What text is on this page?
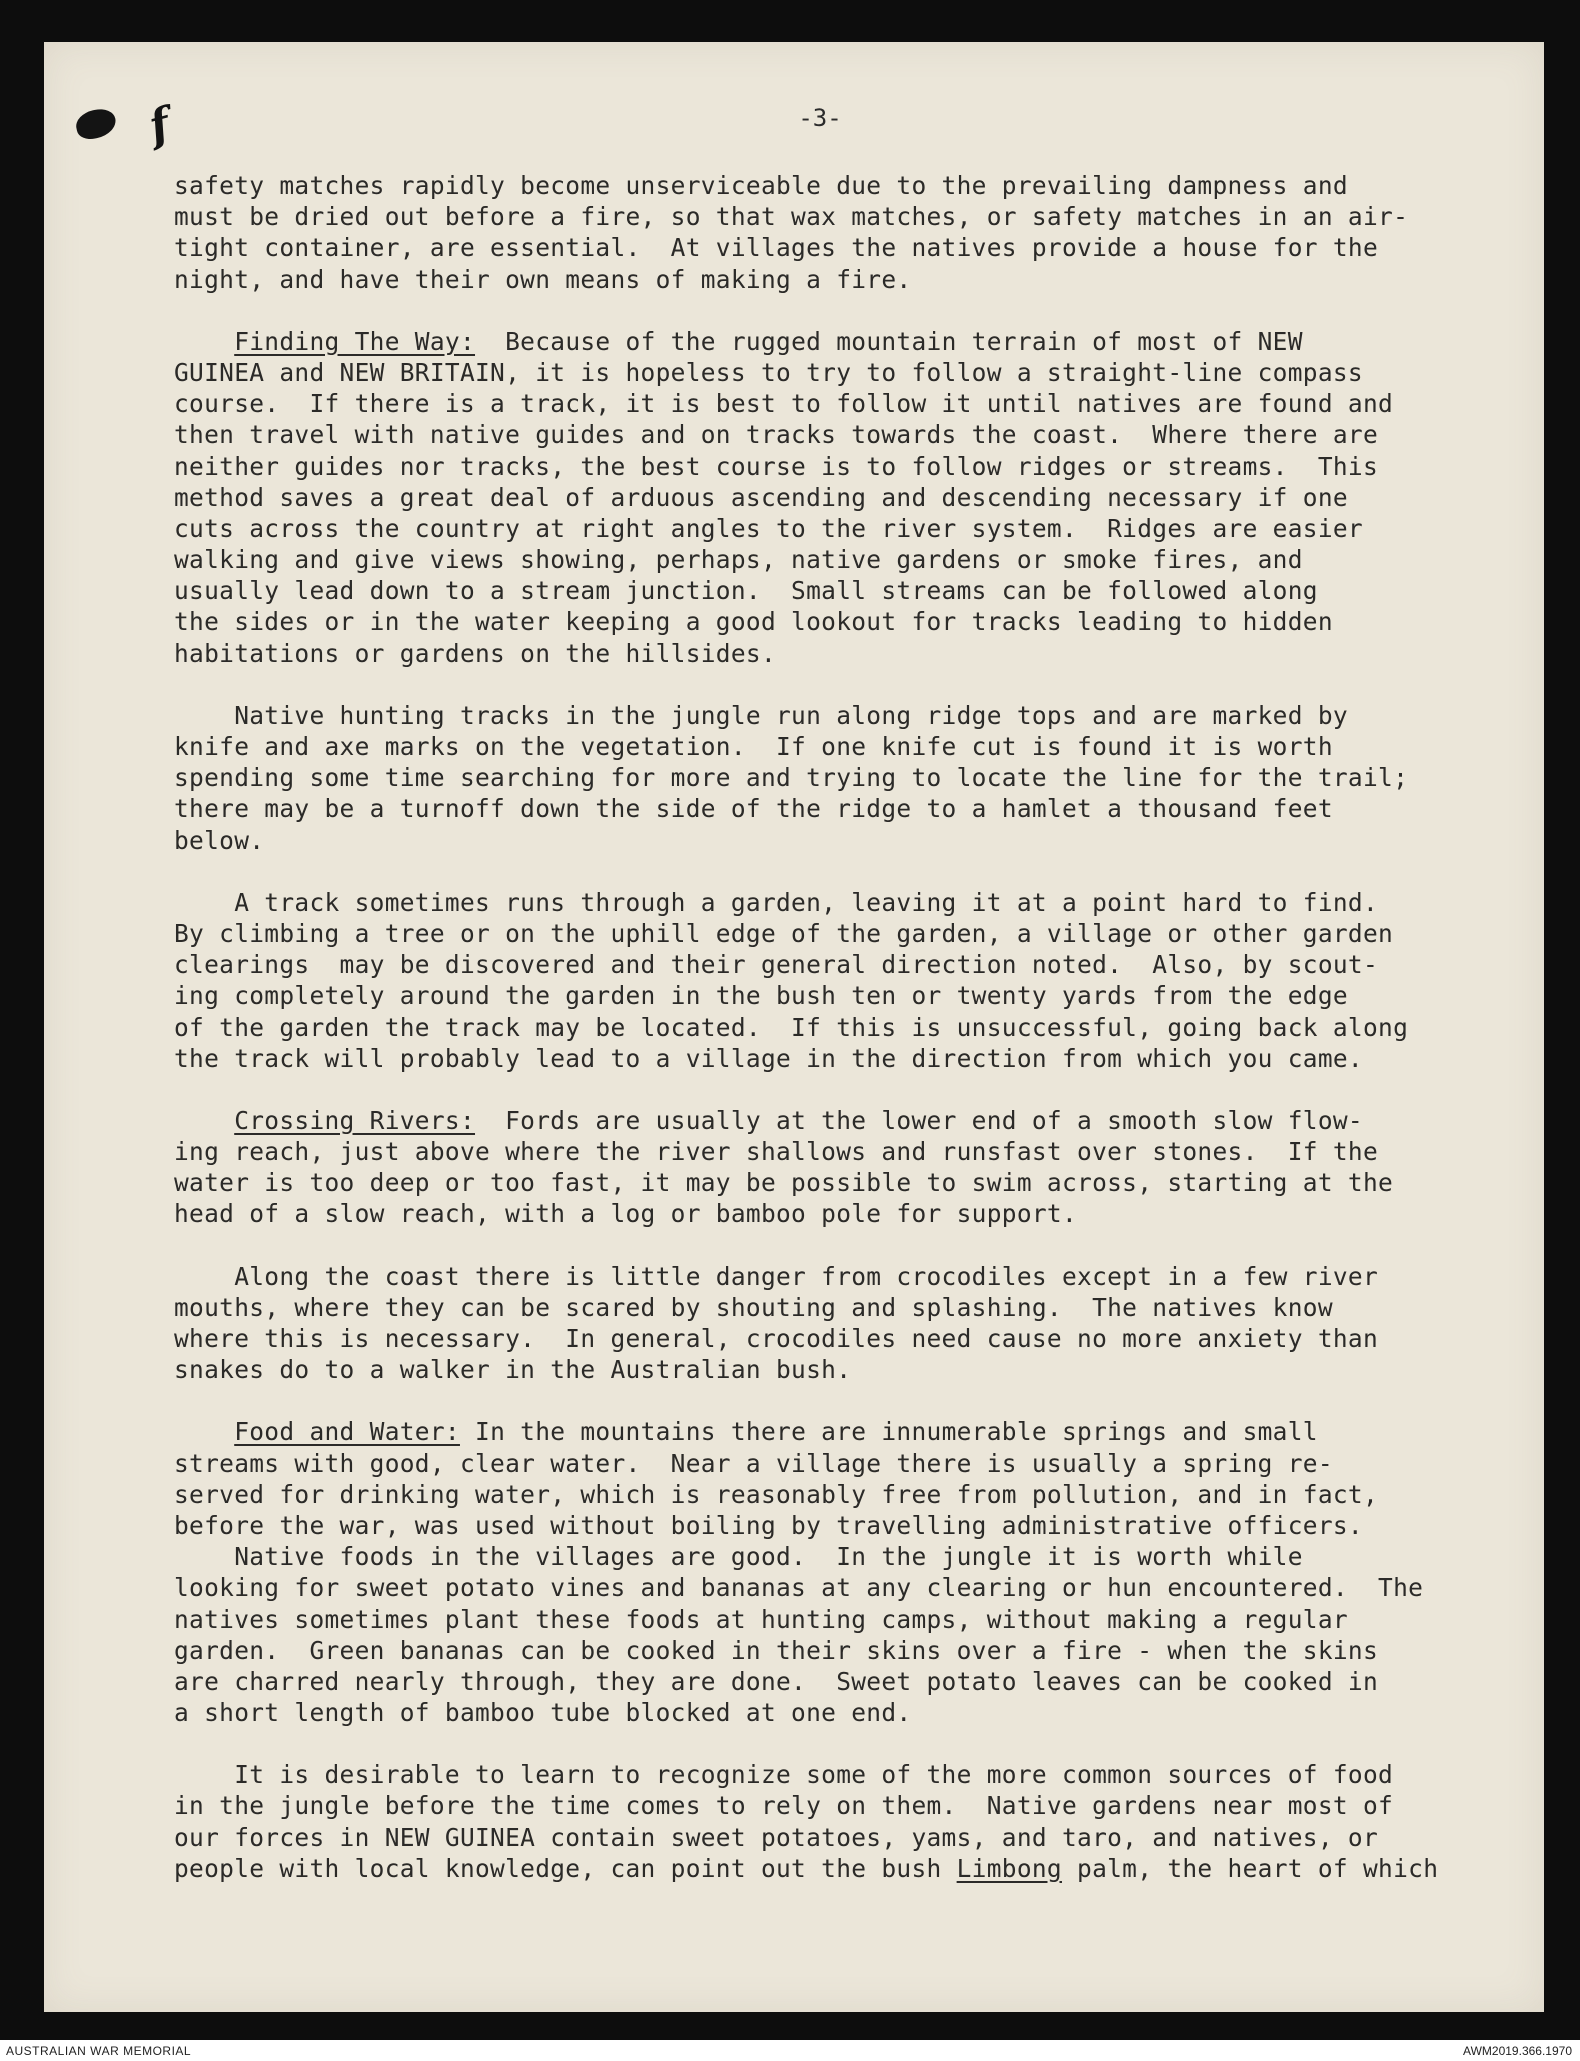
f	-3-
safety matches rapidly become unserviceable due to the prevailing dampness and
must be dried out before a fire, so that wax matches, or safety matches in an air-
tight container, are essential.  At villages the natives provide a house for the
night, and have their own means of making a fire.
Finding The Way:  Because of the rugged mountain terrain of most of NEW
GUINEA and NEW BRITAIN, it is hopeless to try to follow a straight-line compass
course.  If there is a track, it is best to follow it until natives are found and
then travel with native guides and on tracks towards the coast.  Where there are
neither guides nor tracks, the best course is to follow ridges or streams.  This
method saves a great deal of arduous ascending and descending necessary if one
cuts across the country at right angles to the river system.  Ridges are easier
walking and give views showing, perhaps, native gardens or smoke fires, and
usually lead down to a stream junction.  Small streams can be followed along
the sides or in the water keeping a good lookout for tracks leading to hidden
habitations or gardens on the hillsides.
Native hunting tracks in the jungle run along ridge tops and are marked by
knife and axe marks on the vegetation.  If one knife cut is found it is worth
spending some time searching for more and trying to locate the line for the trail;
there may be a turnoff down the side of the ridge to a hamlet a thousand feet
below.
A track sometimes runs through a garden, leaving it at a point hard to find.
By climbing a tree or on the uphill edge of the garden, a village or other garden
clearings  may be discovered and their general direction noted.  Also, by scout-
ing completely around the garden in the bush ten or twenty yards from the edge
of the garden the track may be located.  If this is unsuccessful, going back along
the track will probably lead to a village in the direction from which you came.
Crossing Rivers:  Fords are usually at the lower end of a smooth slow flow-
ing reach, just above where the river shallows and runsfast over stones.  If the
water is too deep or too fast, it may be possible to swim across, starting at the
head of a slow reach, with a log or bamboo pole for support.
Along the coast there is little danger from crocodiles except in a few river
mouths, where they can be scared by shouting and splashing.  The natives know
where this is necessary.  In general, crocodiles need cause no more anxiety than
snakes do to a walker in the Australian bush.
Food and Water: In the mountains there are innumerable springs and small
streams with good, clear water.  Near a village there is usually a spring re-
served for drinking water, which is reasonably free from pollution, and in fact,
before the war, was used without boiling by travelling administrative officers.
Native foods in the villages are good.  In the jungle it is worth while
looking for sweet potato vines and bananas at any clearing or hun encountered.  The
natives sometimes plant these foods at hunting camps, without making a regular
garden.  Green bananas can be cooked in their skins over a fire - when the skins
are charred nearly through, they are done.  Sweet potato leaves can be cooked in
a short length of bamboo tube blocked at one end.
It is desirable to learn to recognize some of the more common sources of food
in the jungle before the time comes to rely on them.  Native gardens near most of
our forces in NEW GUINEA contain sweet potatoes, yams, and taro, and natives, or
people with local knowledge, can point out the bush Limbong palm, the heart of which
AUSTRALIAN WAR MEMORIAL	AWM2019.366.1970
